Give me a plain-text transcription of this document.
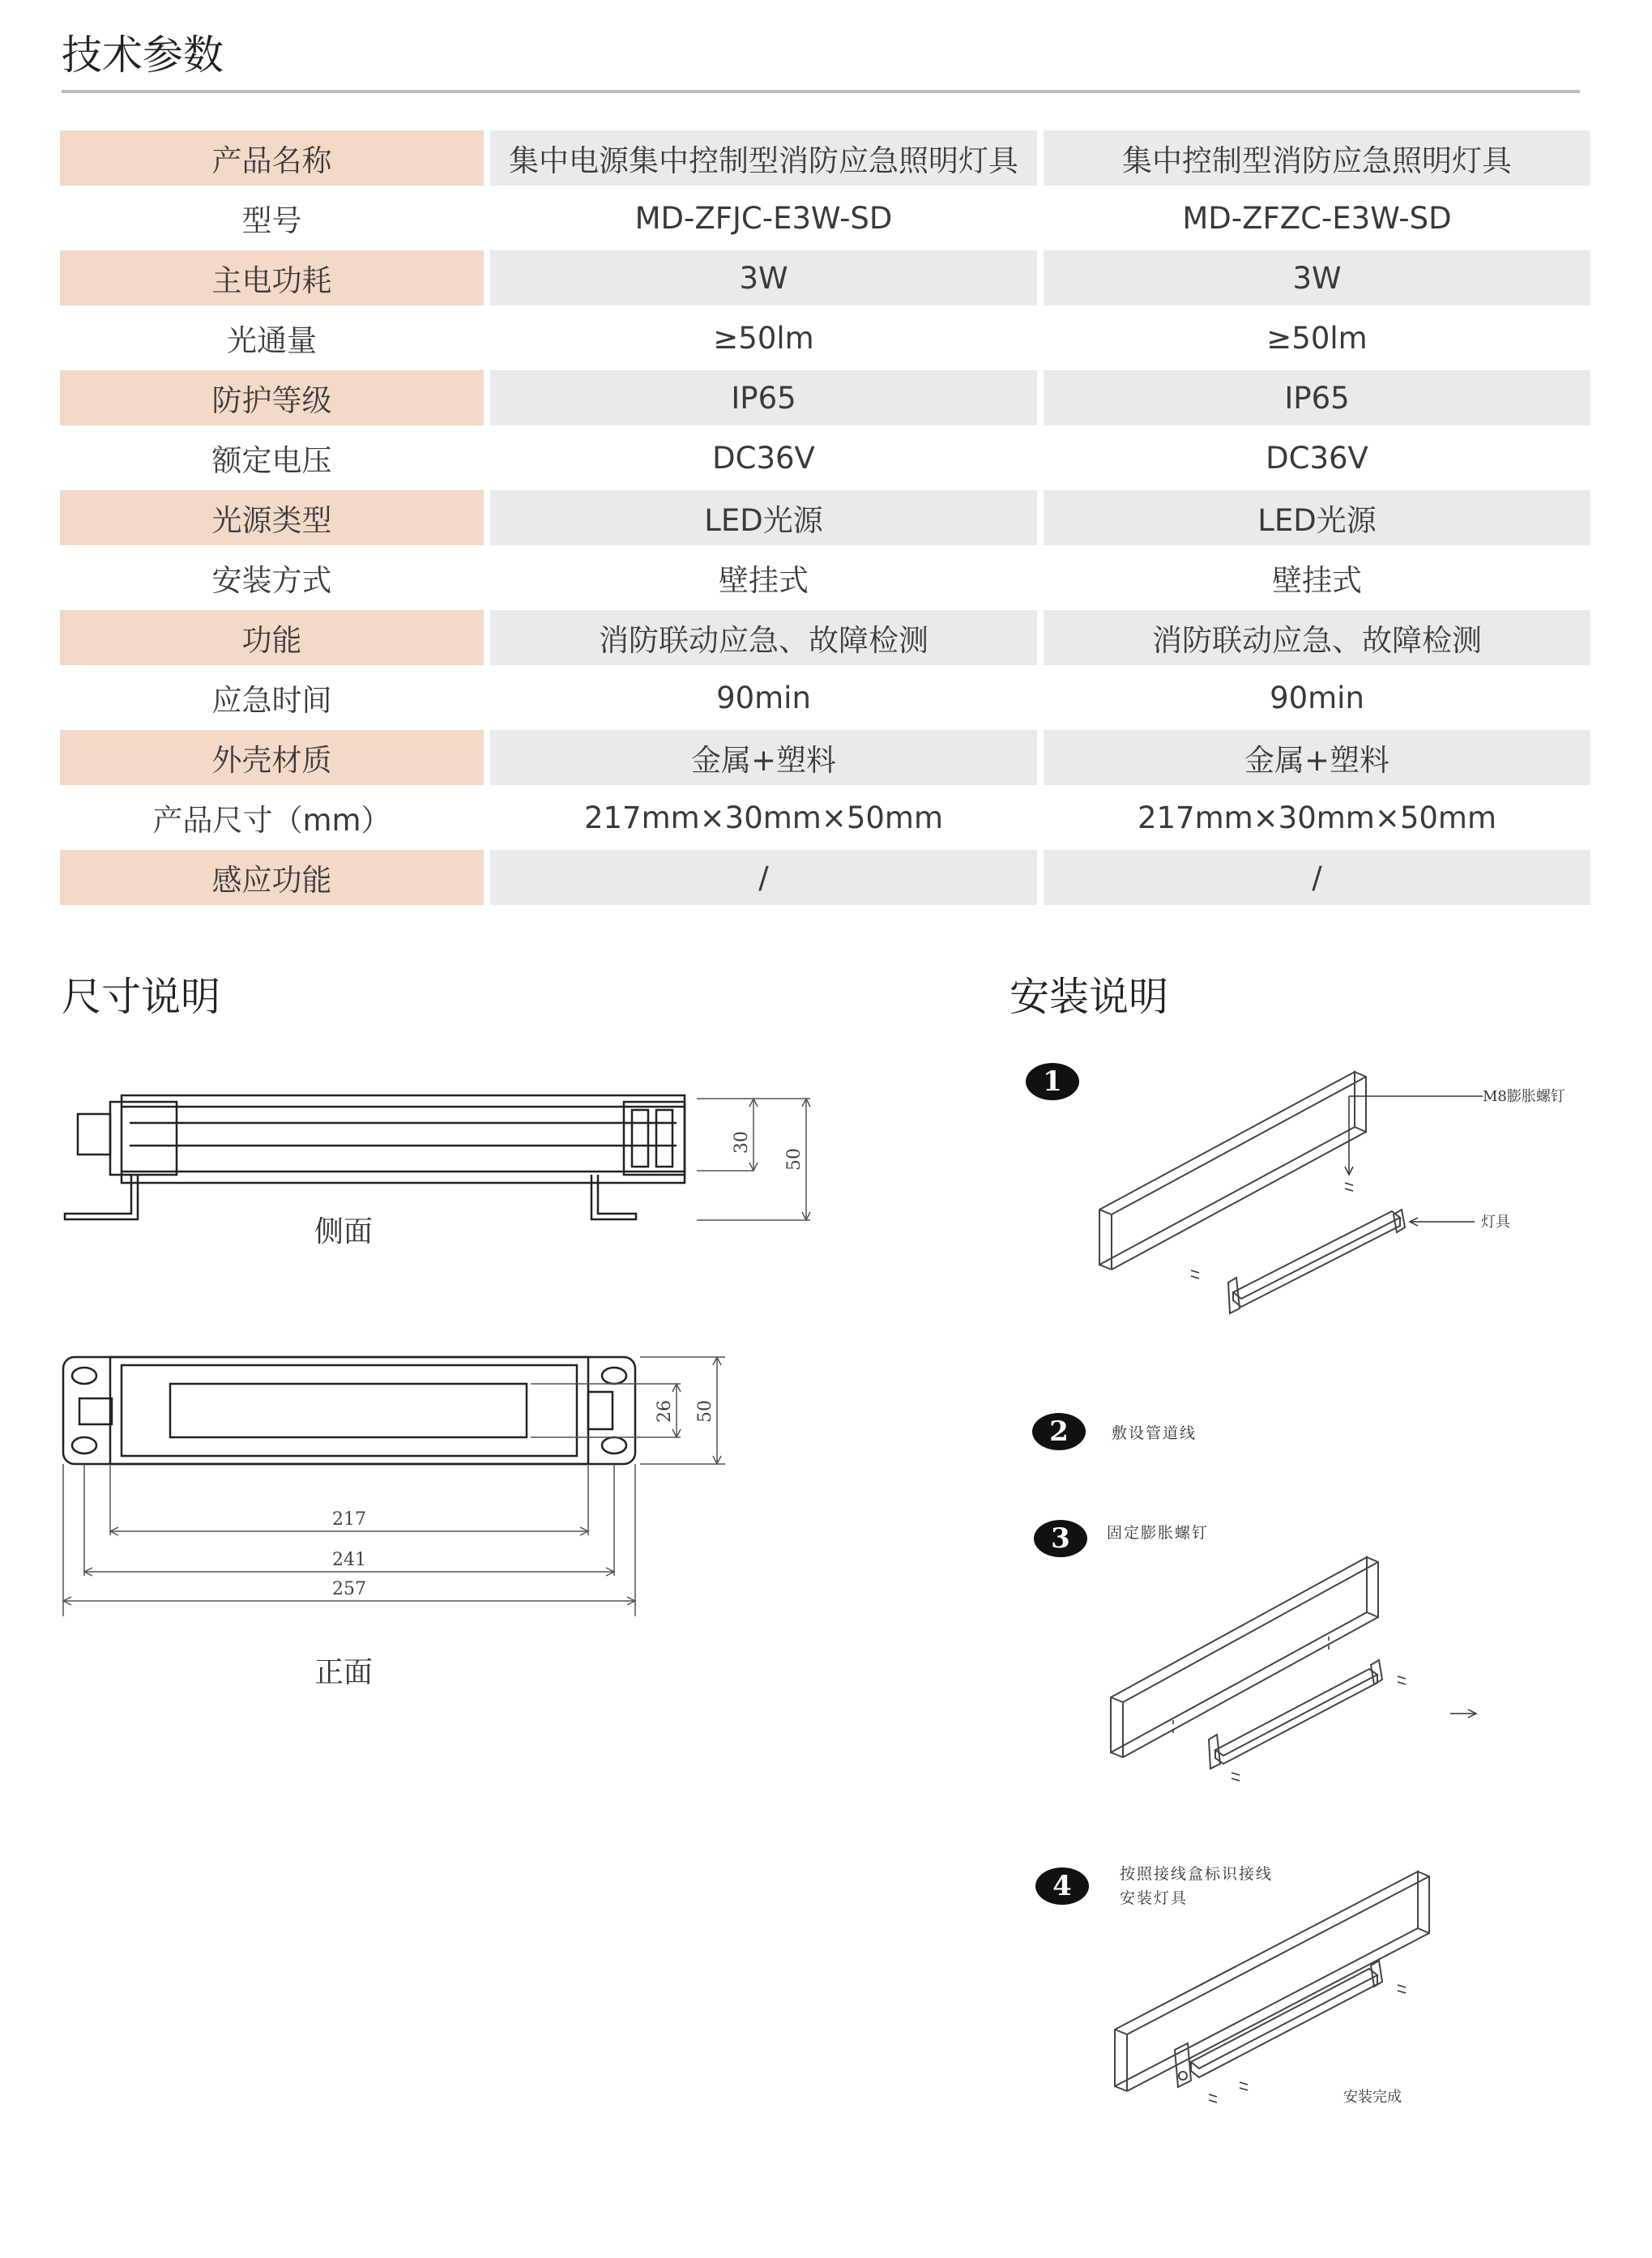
技术参数
产品名称	集中电源集中控制型消防应急照明灯具	集中控制型消防应急照明灯具
型号	MD-ZFJC-E3W-SD	MD-ZFZC-E3W-SD
主电功耗	3W	3W
光通量	≥50lm	≥50lm
防护等级	IP65	IP65
额定电压	DC36V	DC36V
光源类型	LED光源	LED光源
安装方式	壁挂式	壁挂式
功能	消防联动应急、故障检测	消防联动应急、故障检测
应急时间	90min	90min
外壳材质	金属+塑料	金属+塑料
产品尺寸（mm）	217mm×30mm×50mm	217mm×30mm×50mm
感应功能	/	/
尺寸说明	安装说明
30
50
侧面
26 50
217
241
257
正面
1	M8膨胀螺钉
灯具
2	敷设管道线
3	固定膨胀螺钉
4	按照接线盒标识接线
安装灯具
安装完成
